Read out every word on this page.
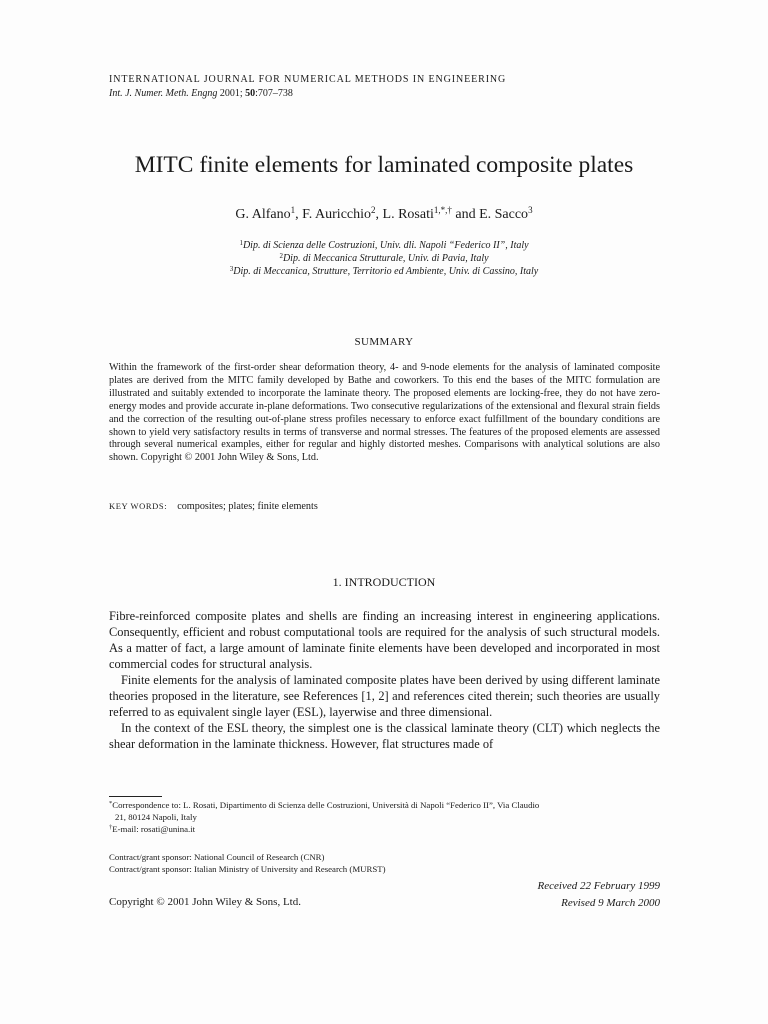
INTERNATIONAL JOURNAL FOR NUMERICAL METHODS IN ENGINEERING
Int. J. Numer. Meth. Engng 2001; 50:707–738
MITC finite elements for laminated composite plates
G. Alfano$^1$, F. Auricchio$^2$, L. Rosati$^{1,*,\dagger}$ and E. Sacco$^3$
$^1$Dip. di Scienza delle Costruzioni, Univ. dli. Napoli “Federico II”, Italy
$^2$Dip. di Meccanica Strutturale, Univ. di Pavia, Italy
$^3$Dip. di Meccanica, Strutture, Territorio ed Ambiente, Univ. di Cassino, Italy
SUMMARY
Within the framework of the first-order shear deformation theory, 4- and 9-node elements for the analysis of laminated composite plates are derived from the MITC family developed by Bathe and coworkers. To this end the bases of the MITC formulation are illustrated and suitably extended to incorporate the laminate theory. The proposed elements are locking-free, they do not have zero-energy modes and provide accurate in-plane deformations. Two consecutive regularizations of the extensional and flexural strain fields and the correction of the resulting out-of-plane stress profiles necessary to enforce exact fulfillment of the boundary conditions are shown to yield very satisfactory results in terms of transverse and normal stresses. The features of the proposed elements are assessed through several numerical examples, either for regular and highly distorted meshes. Comparisons with analytical solutions are also shown. Copyright © 2001 John Wiley & Sons, Ltd.
KEY WORDS: composites; plates; finite elements
1. INTRODUCTION

Fibre-reinforced composite plates and shells are finding an increasing interest in engineering applications. Consequently, efficient and robust computational tools are required for the analysis of such structural models. As a matter of fact, a large amount of laminate finite elements have been developed and incorporated in most commercial codes for structural analysis.

Finite elements for the analysis of laminated composite plates have been derived by using different laminate theories proposed in the literature, see References [1, 2] and references cited therein; such theories are usually referred to as equivalent single layer (ESL), layerwise and three dimensional.

In the context of the ESL theory, the simplest one is the classical laminate theory (CLT) which neglects the shear deformation in the laminate thickness. However, flat structures made of

*Correspondence to: L. Rosati, Dipartimento di Scienza delle Costruzioni, Università di Napoli “Federico II”, Via Claudio
21, 80124 Napoli, Italy
†E-mail: rosati@unina.it
Contract/grant sponsor: National Council of Research (CNR)
Contract/grant sponsor: Italian Ministry of University and Research (MURST)
Received 22 February 1999
Revised 9 March 2000
Copyright © 2001 John Wiley & Sons, Ltd.
